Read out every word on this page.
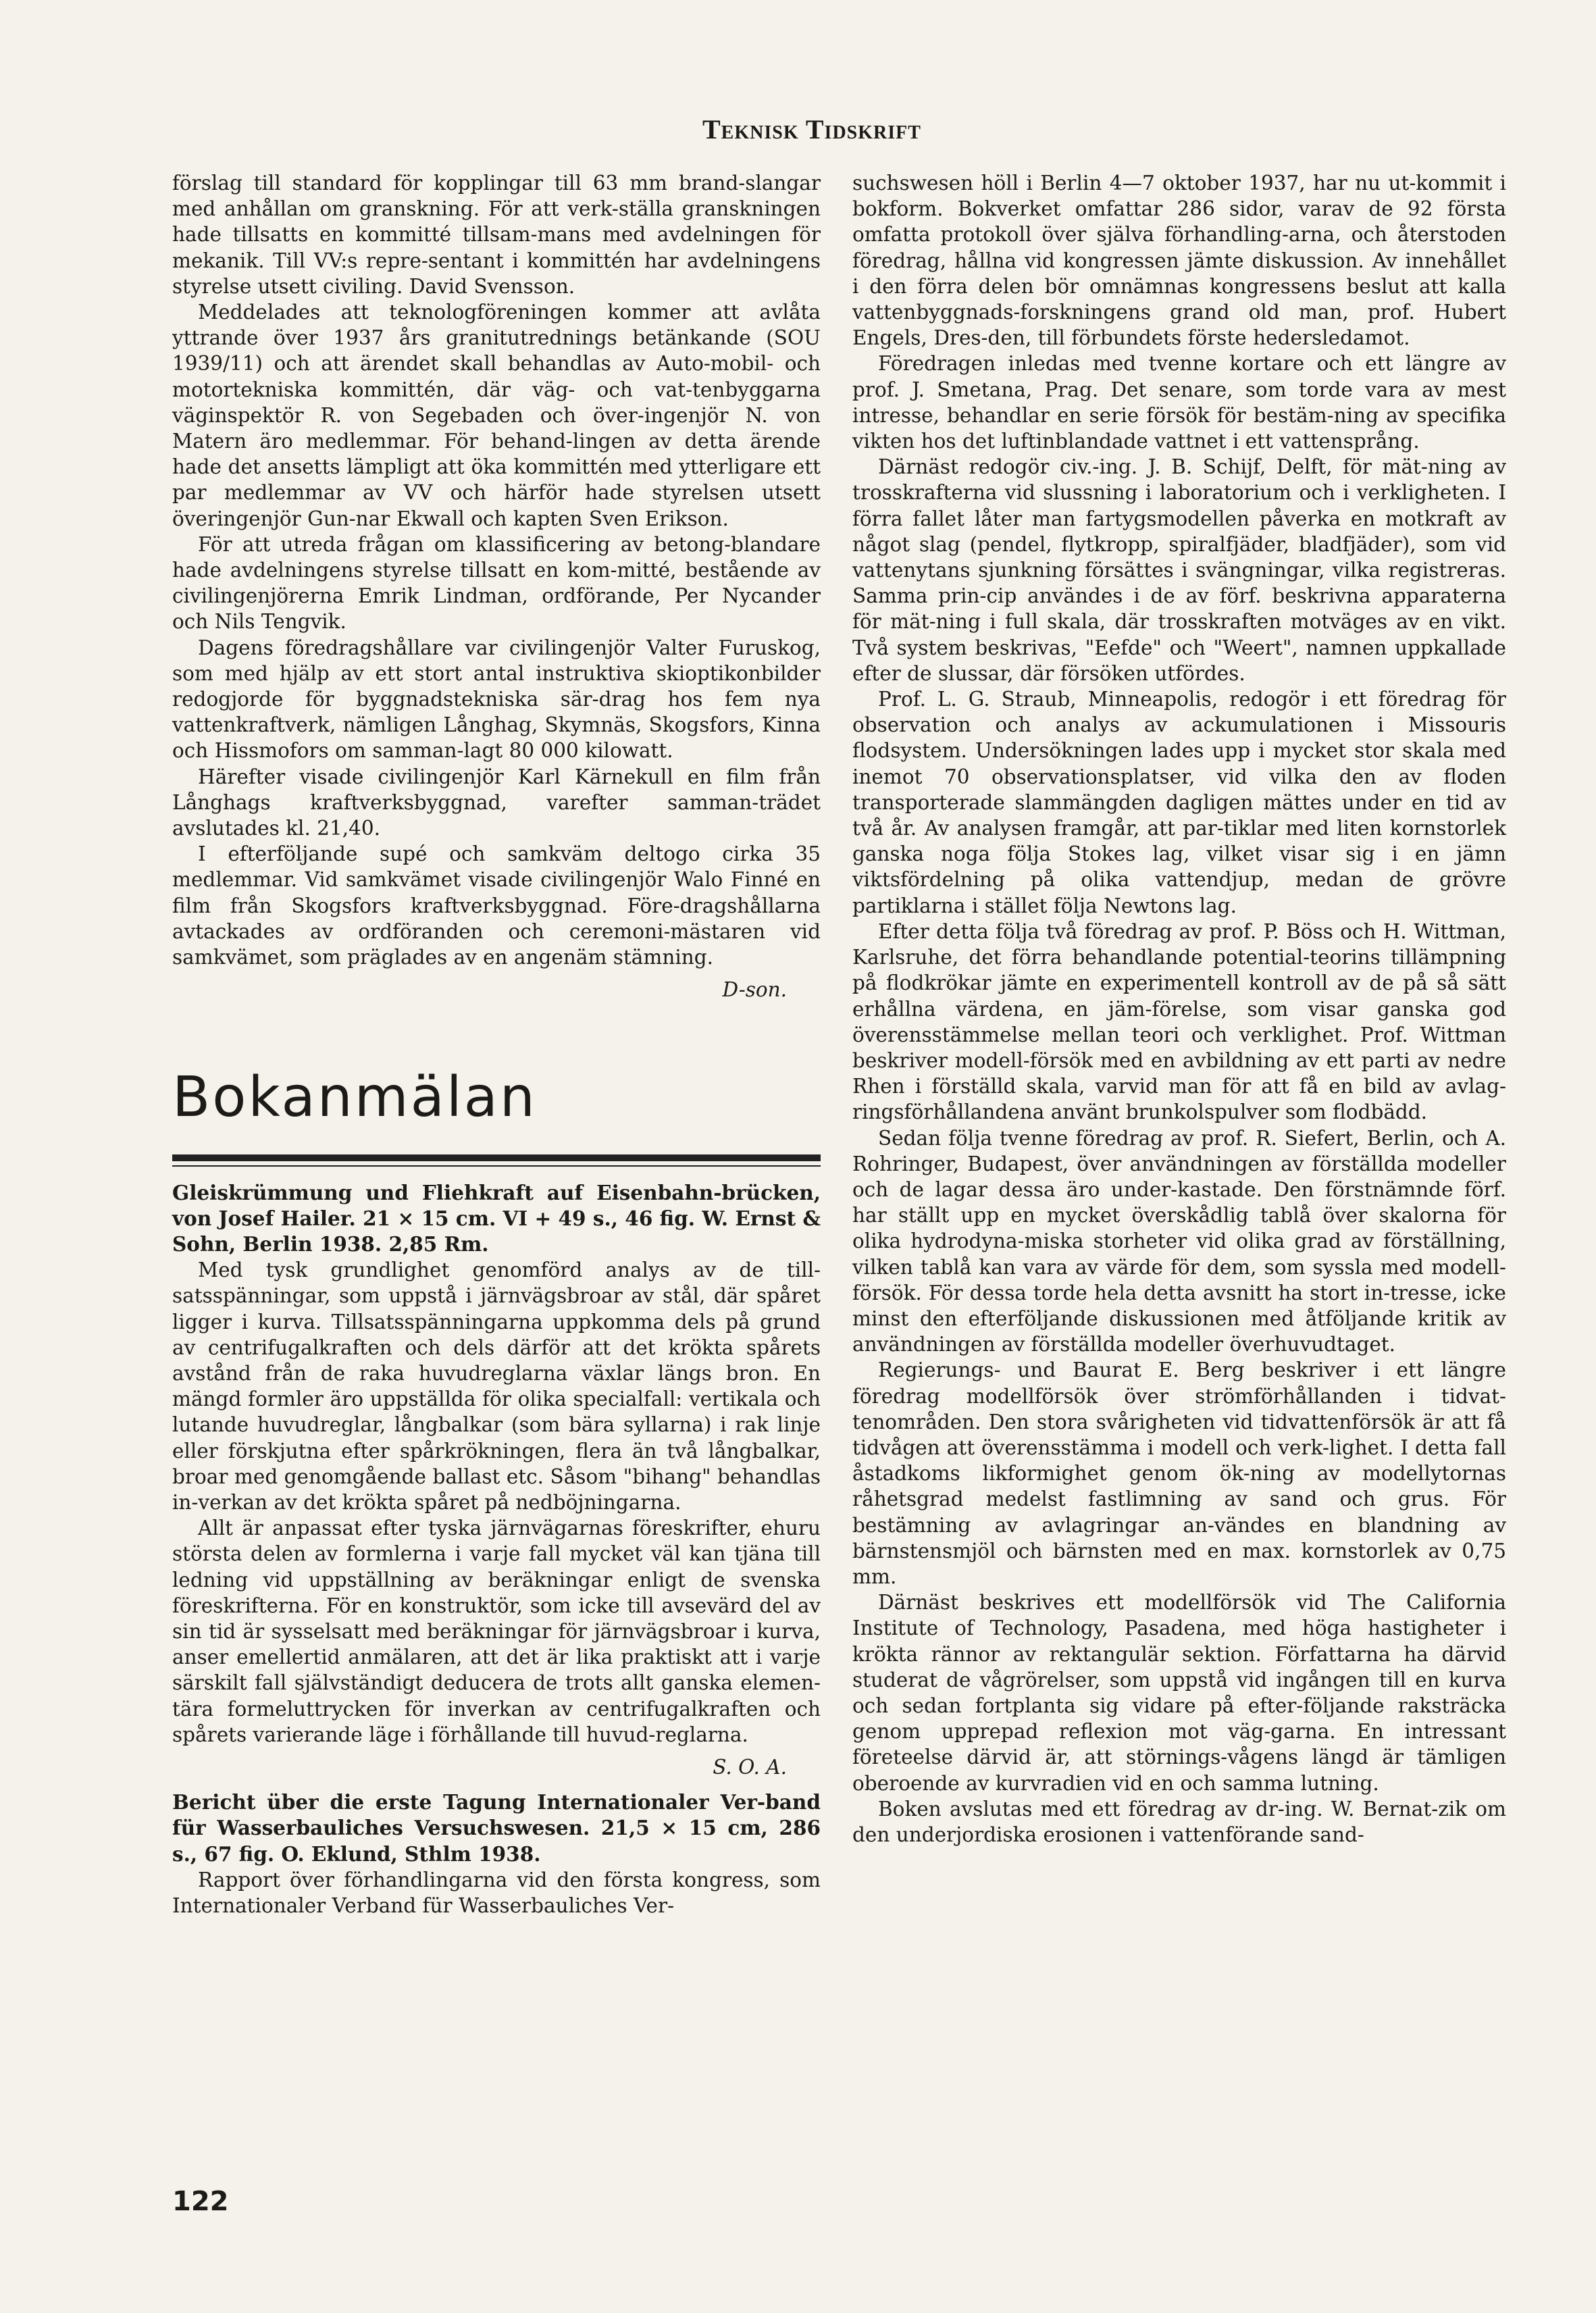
Teknisk Tidskrift

förslag till standard för kopplingar till 63 mm brand-slangar med anhållan om granskning. För att verk-ställa granskningen hade tillsatts en kommitté tillsam-mans med avdelningen för mekanik. Till VV:s repre-sentant i kommittén har avdelningens styrelse utsett civiling. David Svensson.

Meddelades att teknologföreningen kommer att avlåta yttrande över 1937 års granitutrednings betänkande (SOU 1939/11) och att ärendet skall behandlas av Auto-mobil- och motortekniska kommittén, där väg- och vat-tenbyggarna väginspektör R. von Segebaden och över-ingenjör N. von Matern äro medlemmar. För behand-lingen av detta ärende hade det ansetts lämpligt att öka kommittén med ytterligare ett par medlemmar av VV och härför hade styrelsen utsett överingenjör Gun-nar Ekwall och kapten Sven Erikson.

För att utreda frågan om klassificering av betong-blandare hade avdelningens styrelse tillsatt en kom-mitté, bestående av civilingenjörerna Emrik Lindman, ordförande, Per Nycander och Nils Tengvik.

Dagens föredragshållare var civilingenjör Valter Furuskog, som med hjälp av ett stort antal instruktiva skioptikonbilder redogjorde för byggnadstekniska sär-drag hos fem nya vattenkraftverk, nämligen Långhag, Skymnäs, Skogsfors, Kinna och Hissmofors om samman-lagt 80 000 kilowatt.

Härefter visade civilingenjör Karl Kärnekull en film från Långhags kraftverksbyggnad, varefter samman-trädet avslutades kl. 21,40.

I efterföljande supé och samkväm deltogo cirka 35 medlemmar. Vid samkvämet visade civilingenjör Walo Finné en film från Skogsfors kraftverksbyggnad. Före-dragshållarna avtackades av ordföranden och ceremoni-mästaren vid samkvämet, som präglades av en angenäm stämning.

D-son.

Bokanmälan

Gleiskrümmung und Fliehkraft auf Eisenbahn-brücken, von Josef Hailer. 21 × 15 cm. VI + 49 s., 46 fig. W. Ernst & Sohn, Berlin 1938. 2,85 Rm.

Med tysk grundlighet genomförd analys av de till-satsspänningar, som uppstå i järnvägsbroar av stål, där spåret ligger i kurva. Tillsatsspänningarna uppkomma dels på grund av centrifugalkraften och dels därför att det krökta spårets avstånd från de raka huvudreglarna växlar längs bron. En mängd formler äro uppställda för olika specialfall: vertikala och lutande huvudreglar, långbalkar (som bära syllarna) i rak linje eller förskjutna efter spårkrökningen, flera än två långbalkar, broar med genomgående ballast etc. Såsom "bihang" behandlas in-verkan av det krökta spåret på nedböjningarna.

Allt är anpassat efter tyska järnvägarnas föreskrifter, ehuru största delen av formlerna i varje fall mycket väl kan tjäna till ledning vid uppställning av beräkningar enligt de svenska föreskrifterna. För en konstruktör, som icke till avsevärd del av sin tid är sysselsatt med beräkningar för järnvägsbroar i kurva, anser emellertid anmälaren, att det är lika praktiskt att i varje särskilt fall självständigt deducera de trots allt ganska elemen-tära formeluttrycken för inverkan av centrifugalkraften och spårets varierande läge i förhållande till huvud-reglarna.

S. O. A.

Bericht über die erste Tagung Internationaler Ver-band für Wasserbauliches Versuchswesen. 21,5 × 15 cm, 286 s., 67 fig. O. Eklund, Sthlm 1938.

Rapport över förhandlingarna vid den första kongress, som Internationaler Verband für Wasserbauliches Ver-

suchswesen höll i Berlin 4—7 oktober 1937, har nu ut-kommit i bokform. Bokverket omfattar 286 sidor, varav de 92 första omfatta protokoll över själva förhandling-arna, och återstoden föredrag, hållna vid kongressen jämte diskussion. Av innehållet i den förra delen bör omnämnas kongressens beslut att kalla vattenbyggnads-forskningens grand old man, prof. Hubert Engels, Dres-den, till förbundets förste hedersledamot.

Föredragen inledas med tvenne kortare och ett längre av prof. J. Smetana, Prag. Det senare, som torde vara av mest intresse, behandlar en serie försök för bestäm-ning av specifika vikten hos det luftinblandade vattnet i ett vattensprång.

Därnäst redogör civ.-ing. J. B. Schijf, Delft, för mät-ning av trosskrafterna vid slussning i laboratorium och i verkligheten. I förra fallet låter man fartygsmodellen påverka en motkraft av något slag (pendel, flytkropp, spiralfjäder, bladfjäder), som vid vattenytans sjunkning försättes i svängningar, vilka registreras. Samma prin-cip användes i de av förf. beskrivna apparaterna för mät-ning i full skala, där trosskraften motväges av en vikt. Två system beskrivas, "Eefde" och "Weert", namnen uppkallade efter de slussar, där försöken utfördes.

Prof. L. G. Straub, Minneapolis, redogör i ett föredrag för observation och analys av ackumulationen i Missouris flodsystem. Undersökningen lades upp i mycket stor skala med inemot 70 observationsplatser, vid vilka den av floden transporterade slammängden dagligen mättes under en tid av två år. Av analysen framgår, att par-tiklar med liten kornstorlek ganska noga följa Stokes lag, vilket visar sig i en jämn viktsfördelning på olika vattendjup, medan de grövre partiklarna i stället följa Newtons lag.

Efter detta följa två föredrag av prof. P. Böss och H. Wittman, Karlsruhe, det förra behandlande potential-teorins tillämpning på flodkrökar jämte en experimentell kontroll av de på så sätt erhållna värdena, en jäm-förelse, som visar ganska god överensstämmelse mellan teori och verklighet. Prof. Wittman beskriver modell-försök med en avbildning av ett parti av nedre Rhen i förställd skala, varvid man för att få en bild av avlag-ringsförhållandena använt brunkolspulver som flodbädd.

Sedan följa tvenne föredrag av prof. R. Siefert, Berlin, och A. Rohringer, Budapest, över användningen av förställda modeller och de lagar dessa äro under-kastade. Den förstnämnde förf. har ställt upp en mycket överskådlig tablå över skalorna för olika hydrodyna-miska storheter vid olika grad av förställning, vilken tablå kan vara av värde för dem, som syssla med modell-försök. För dessa torde hela detta avsnitt ha stort in-tresse, icke minst den efterföljande diskussionen med åtföljande kritik av användningen av förställda modeller överhuvudtaget.

Regierungs- und Baurat E. Berg beskriver i ett längre föredrag modellförsök över strömförhållanden i tidvat-tenområden. Den stora svårigheten vid tidvattenförsök är att få tidvågen att överensstämma i modell och verk-lighet. I detta fall åstadkoms likformighet genom ök-ning av modellytornas råhetsgrad medelst fastlimning av sand och grus. För bestämning av avlagringar an-vändes en blandning av bärnstensmjöl och bärnsten med en max. kornstorlek av 0,75 mm.

Därnäst beskrives ett modellförsök vid The California Institute of Technology, Pasadena, med höga hastigheter i krökta rännor av rektangulär sektion. Författarna ha därvid studerat de vågrörelser, som uppstå vid ingången till en kurva och sedan fortplanta sig vidare på efter-följande raksträcka genom upprepad reflexion mot väg-garna. En intressant företeelse därvid är, att störnings-vågens längd är tämligen oberoende av kurvradien vid en och samma lutning.

Boken avslutas med ett föredrag av dr-ing. W. Bernat-zik om den underjordiska erosionen i vattenförande sand-

122
